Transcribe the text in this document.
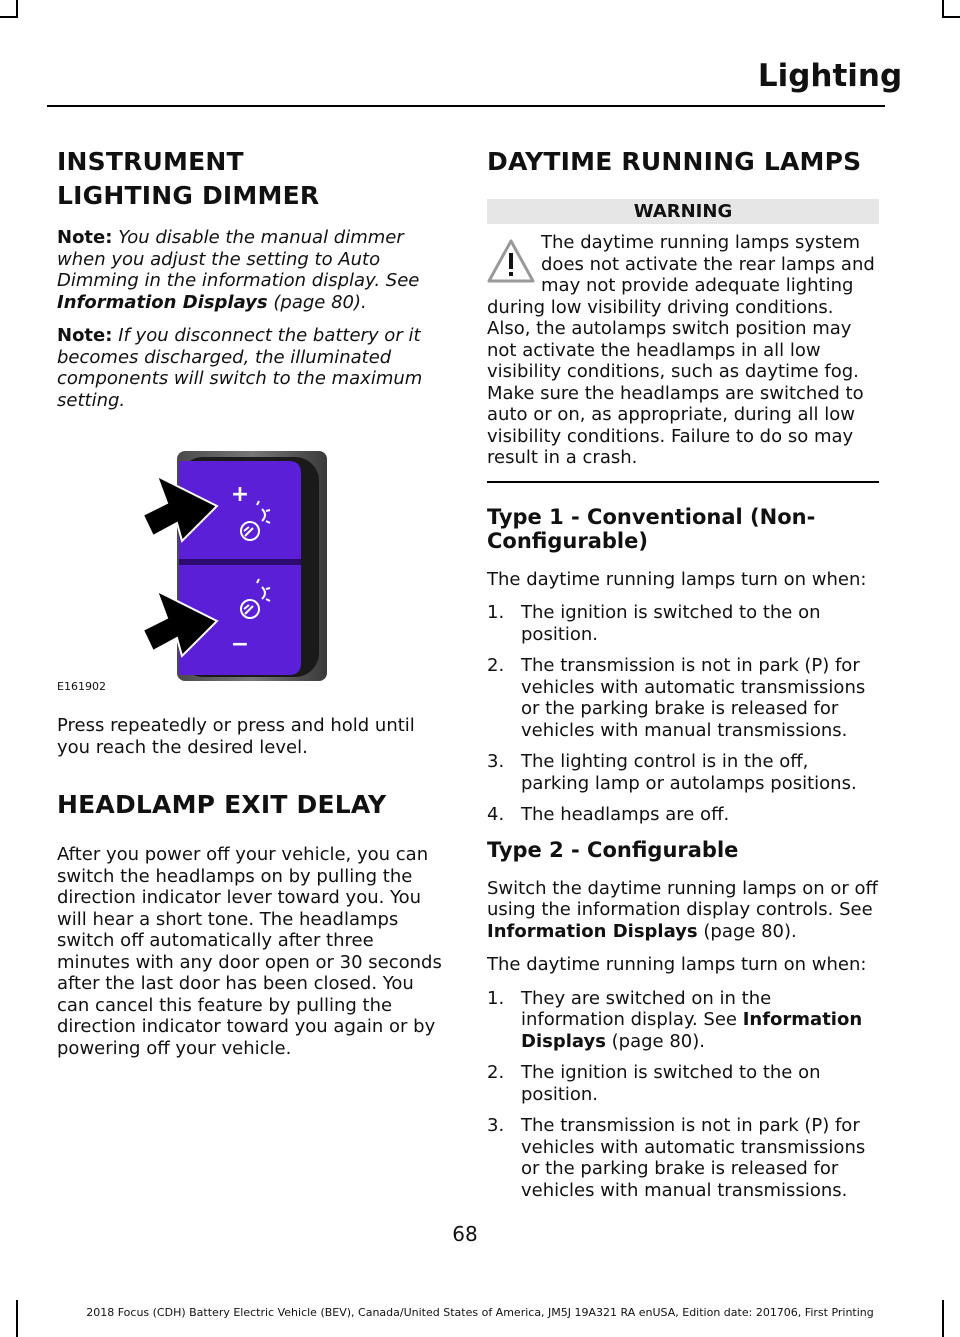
Lighting
INSTRUMENT LIGHTING DIMMER

Note: You disable the manual dimmer when you adjust the setting to Auto Dimming in the information display. See Information Displays (page 80).

Note: If you disconnect the battery or it becomes discharged, the illuminated components will switch to the maximum setting.

+
−
E161902

Press repeatedly or press and hold until you reach the desired level.

HEADLAMP EXIT DELAY

After you power off your vehicle, you can switch the headlamps on by pulling the direction indicator lever toward you. You will hear a short tone. The headlamps switch off automatically after three minutes with any door open or 30 seconds after the last door has been closed. You can cancel this feature by pulling the direction indicator toward you again or by powering off your vehicle.

DAYTIME RUNNING LAMPS
WARNING
The daytime running lamps system does not activate the rear lamps and may not provide adequate lighting during low visibility driving conditions. Also, the autolamps switch position may not activate the headlamps in all low visibility conditions, such as daytime fog. Make sure the headlamps are switched to auto or on, as appropriate, during all low visibility conditions. Failure to do so may result in a crash.
Type 1 - Conventional (Non-Configurable)

The daytime running lamps turn on when:

1. The ignition is switched to the on position.
2. The transmission is not in park (P) for vehicles with automatic transmissions or the parking brake is released for vehicles with manual transmissions.
3. The lighting control is in the off, parking lamp or autolamps positions.
4. The headlamps are off.
Type 2 - Configurable

Switch the daytime running lamps on or off using the information display controls. See Information Displays (page 80).

The daytime running lamps turn on when:

1. They are switched on in the information display. See Information Displays (page 80).
2. The ignition is switched to the on position.
3. The transmission is not in park (P) for vehicles with automatic transmissions or the parking brake is released for vehicles with manual transmissions.
68
2018 Focus (CDH) Battery Electric Vehicle (BEV), Canada/United States of America, JM5J 19A321 RA enUSA, Edition date: 201706, First Printing
